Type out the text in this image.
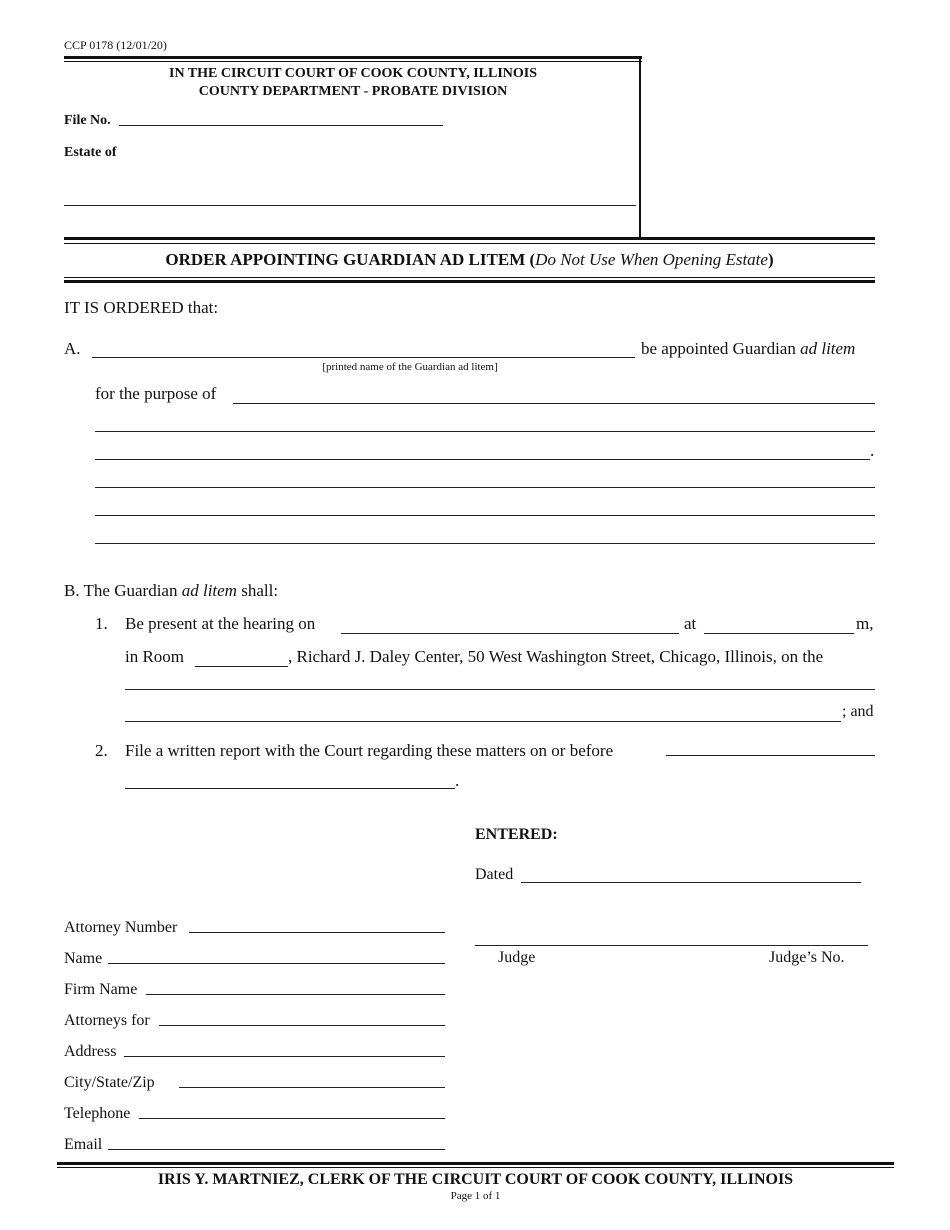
CCP 0178 (12/01/20)
IN THE CIRCUIT COURT OF COOK COUNTY, ILLINOIS
COUNTY DEPARTMENT - PROBATE DIVISION
File No.
Estate of
ORDER APPOINTING GUARDIAN AD LITEM (Do Not Use When Opening Estate)
IT IS ORDERED that:
A.	be appointed Guardian ad litem
[printed name of the Guardian ad litem]
for the purpose of
.
B. The Guardian ad litem shall:
1. Be present at the hearing on	at	m,
in Room	, Richard J. Daley Center, 50 West Washington Street, Chicago, Illinois, on the
; and
2. File a written report with the Court regarding these matters on or before
.
ENTERED:
Dated
Judge	Judge’s No.
Attorney Number
Name
Firm Name
Attorneys for
Address
City/State/Zip
Telephone
Email
IRIS Y. MARTNIEZ, CLERK OF THE CIRCUIT COURT OF COOK COUNTY, ILLINOIS
Page 1 of 1
